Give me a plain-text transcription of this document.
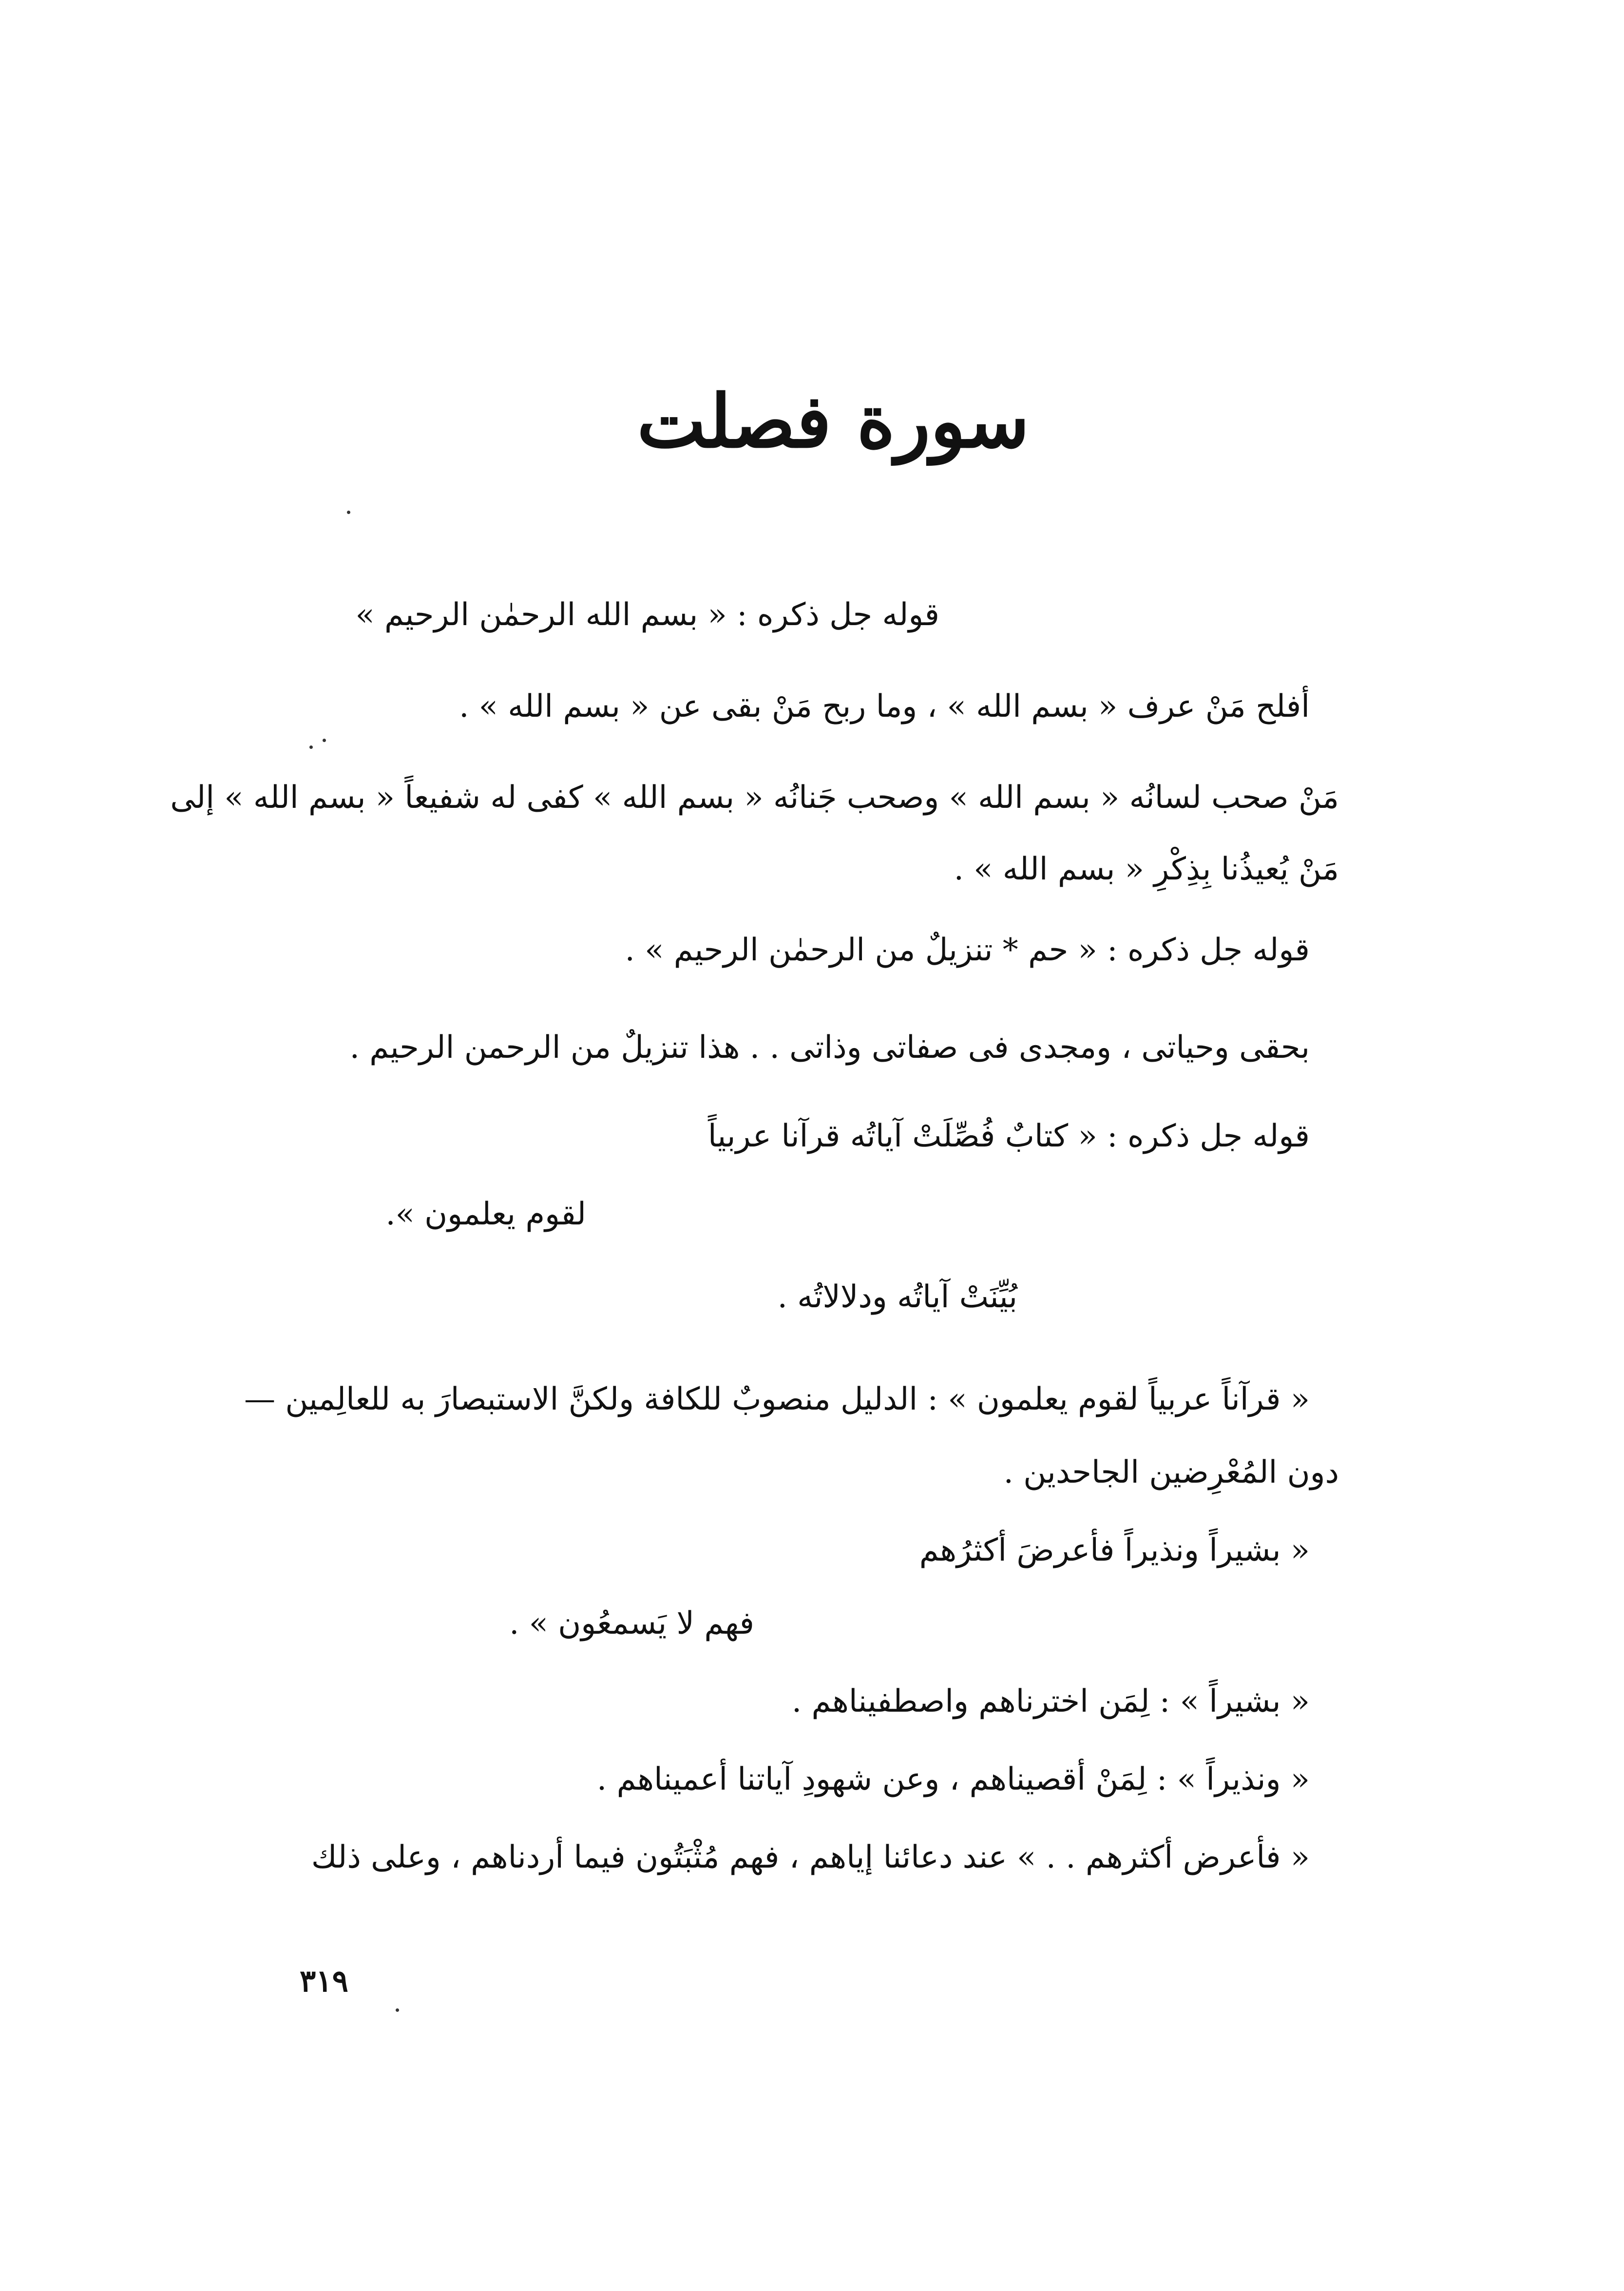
سورة فصلت
قوله جل ذكره : « بسم الله الرحمٰن الرحيم »
أفلح مَنْ عرف « بسم الله » ، وما ربح مَنْ بقى عن « بسم الله » .
مَنْ صحب لسانُه « بسم الله » وصحب جَنانُه « بسم الله » كفى له شفيعاً « بسم الله » إلى
مَنْ يُعيذُنا بِذِكْرِ « بسم الله » .
قوله جل ذكره : « حم * تنزيلٌ من الرحمٰن الرحيم » .
بحقى وحياتى ، ومجدى فى صفاتى وذاتى . . هذا تنزيلٌ من الرحمن الرحيم .
قوله جل ذكره : « كتابٌ فُصِّلَتْ آياتُه قرآنا عربياً
لقوم يعلمون ».
بُيِّنَتْ آياتُه ودلالاتُه .
« قرآناً عربياً لقوم يعلمون » : الدليل منصوبٌ للكافة ولكنَّ الاستبصارَ به للعالِمين —
دون المُعْرِضين الجاحدين .
« بشيراً ونذيراً فأعرضَ أكثرُهم
فهم لا يَسمعُون » .
« بشيراً » : لِمَن اخترناهم واصطفيناهم .
« ونذيراً » : لِمَنْ أقصيناهم ، وعن شهودِ آياتنا أعميناهم .
« فأعرض أكثرهم . . » عند دعائنا إياهم ، فهم مُثْبَتُون فيما أردناهم ، وعلى ذلك
٣١٩
